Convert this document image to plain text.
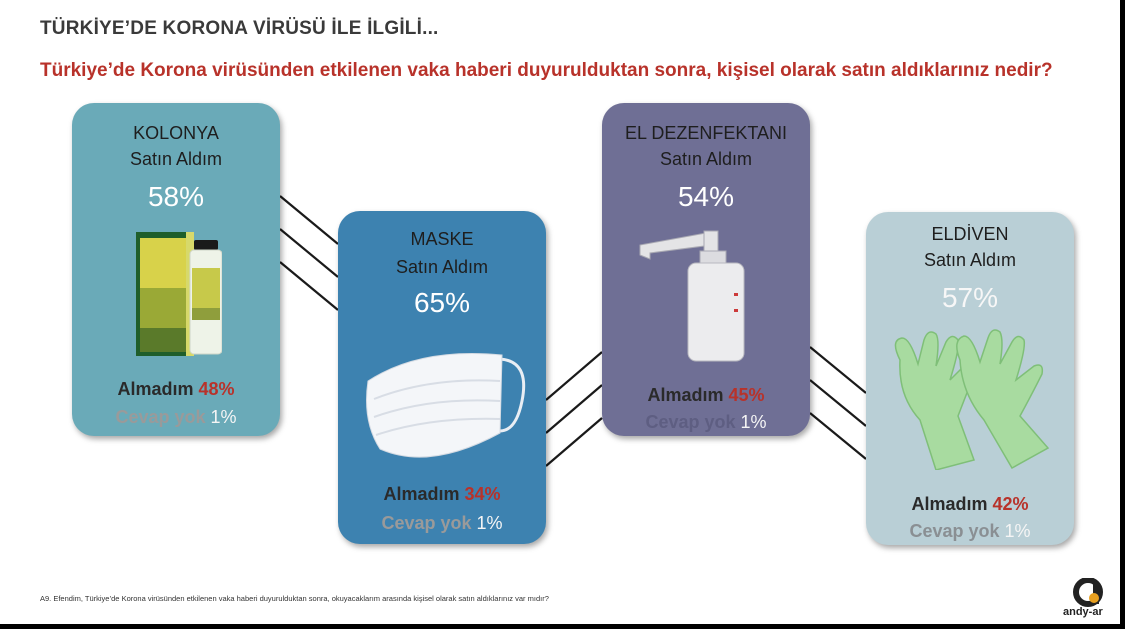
TÜRKİYE’DE KORONA VİRÜSÜ İLE İLGİLİ...
Türkiye’de Korona virüsünden etkilenen vaka haberi duyurulduktan sonra, kişisel olarak satın aldıklarınız nedir?
KOLONYA
Satın Aldım
58%
Almadım 48%
Cevap yok 1%
MASKE
Satın Aldım
65%
Almadım 34%
Cevap yok 1%
EL DEZENFEKTANI
Satın Aldım
54%
Almadım 45%
Cevap yok 1%
ELDİVEN
Satın Aldım
57%
Almadım 42%
Cevap yok 1%
A9. Efendim, Türkiye’de Korona virüsünden etkilenen vaka haberi duyurulduktan sonra, okuyacaklarım arasında kişisel olarak satın aldıklarınız var mıdır?
andy-ar
